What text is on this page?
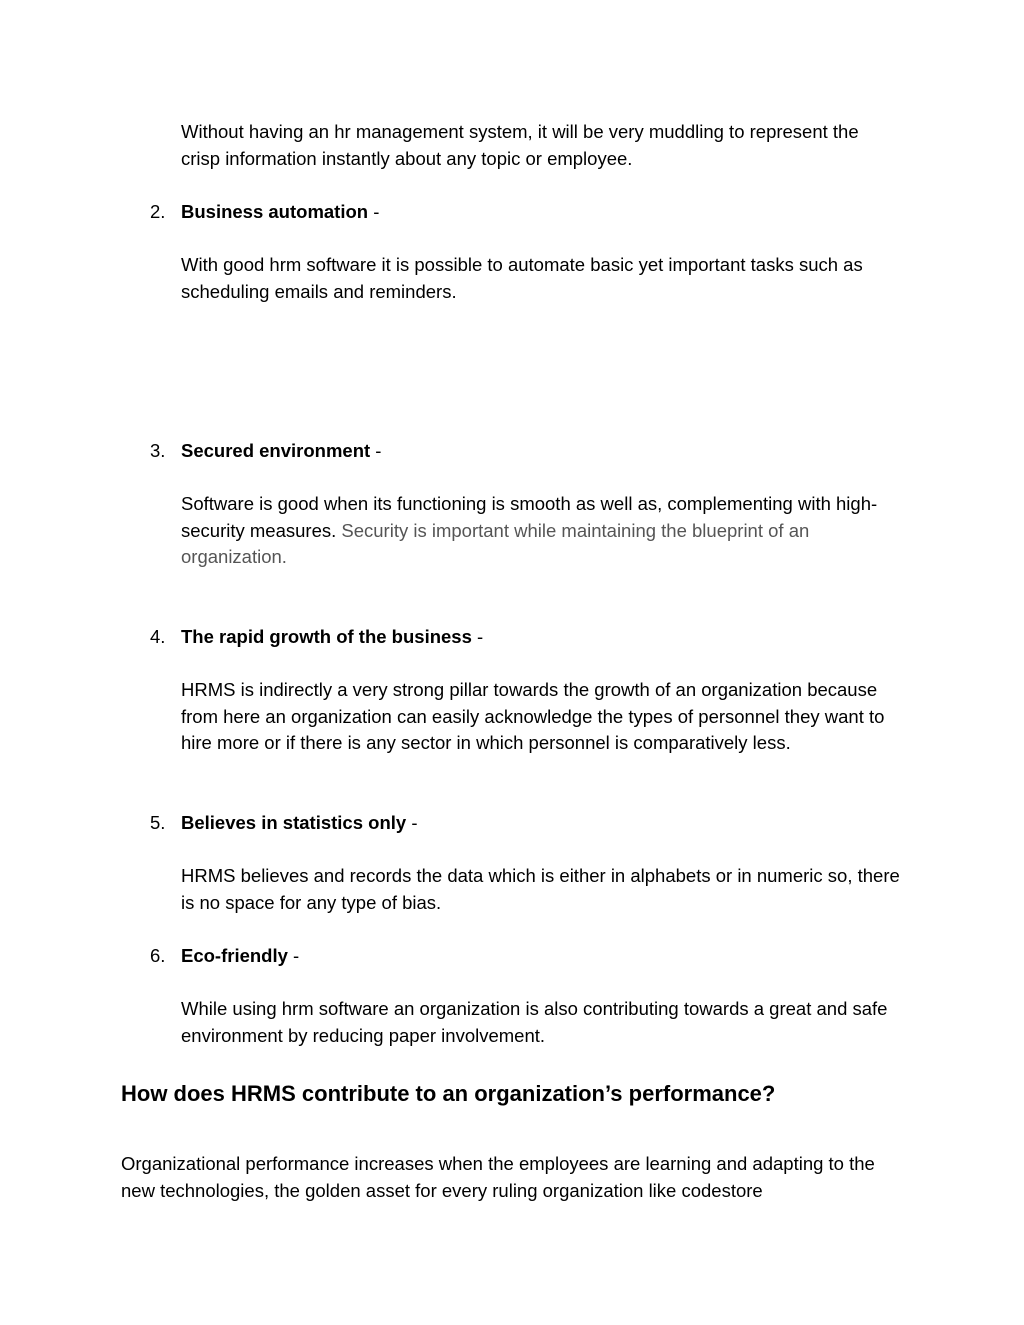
Without having an hr management system, it will be very muddling to represent the crisp information instantly about any topic or employee.

2. Business automation -

With good hrm software it is possible to automate basic yet important tasks such as scheduling emails and reminders.

3. Secured environment -

Software is good when its functioning is smooth as well as, complementing with high-security measures. Security is important while maintaining the blueprint of an organization.

4. The rapid growth of the business -

HRMS is indirectly a very strong pillar towards the growth of an organization because from here an organization can easily acknowledge the types of personnel they want to hire more or if there is any sector in which personnel is comparatively less.

5. Believes in statistics only -

HRMS believes and records the data which is either in alphabets or in numeric so, there is no space for any type of bias.

6. Eco-friendly -

While using hrm software an organization is also contributing towards a great and safe environment by reducing paper involvement.

How does HRMS contribute to an organization’s performance?

Organizational performance increases when the employees are learning and adapting to the new technologies, the golden asset for every ruling organization like codestore
